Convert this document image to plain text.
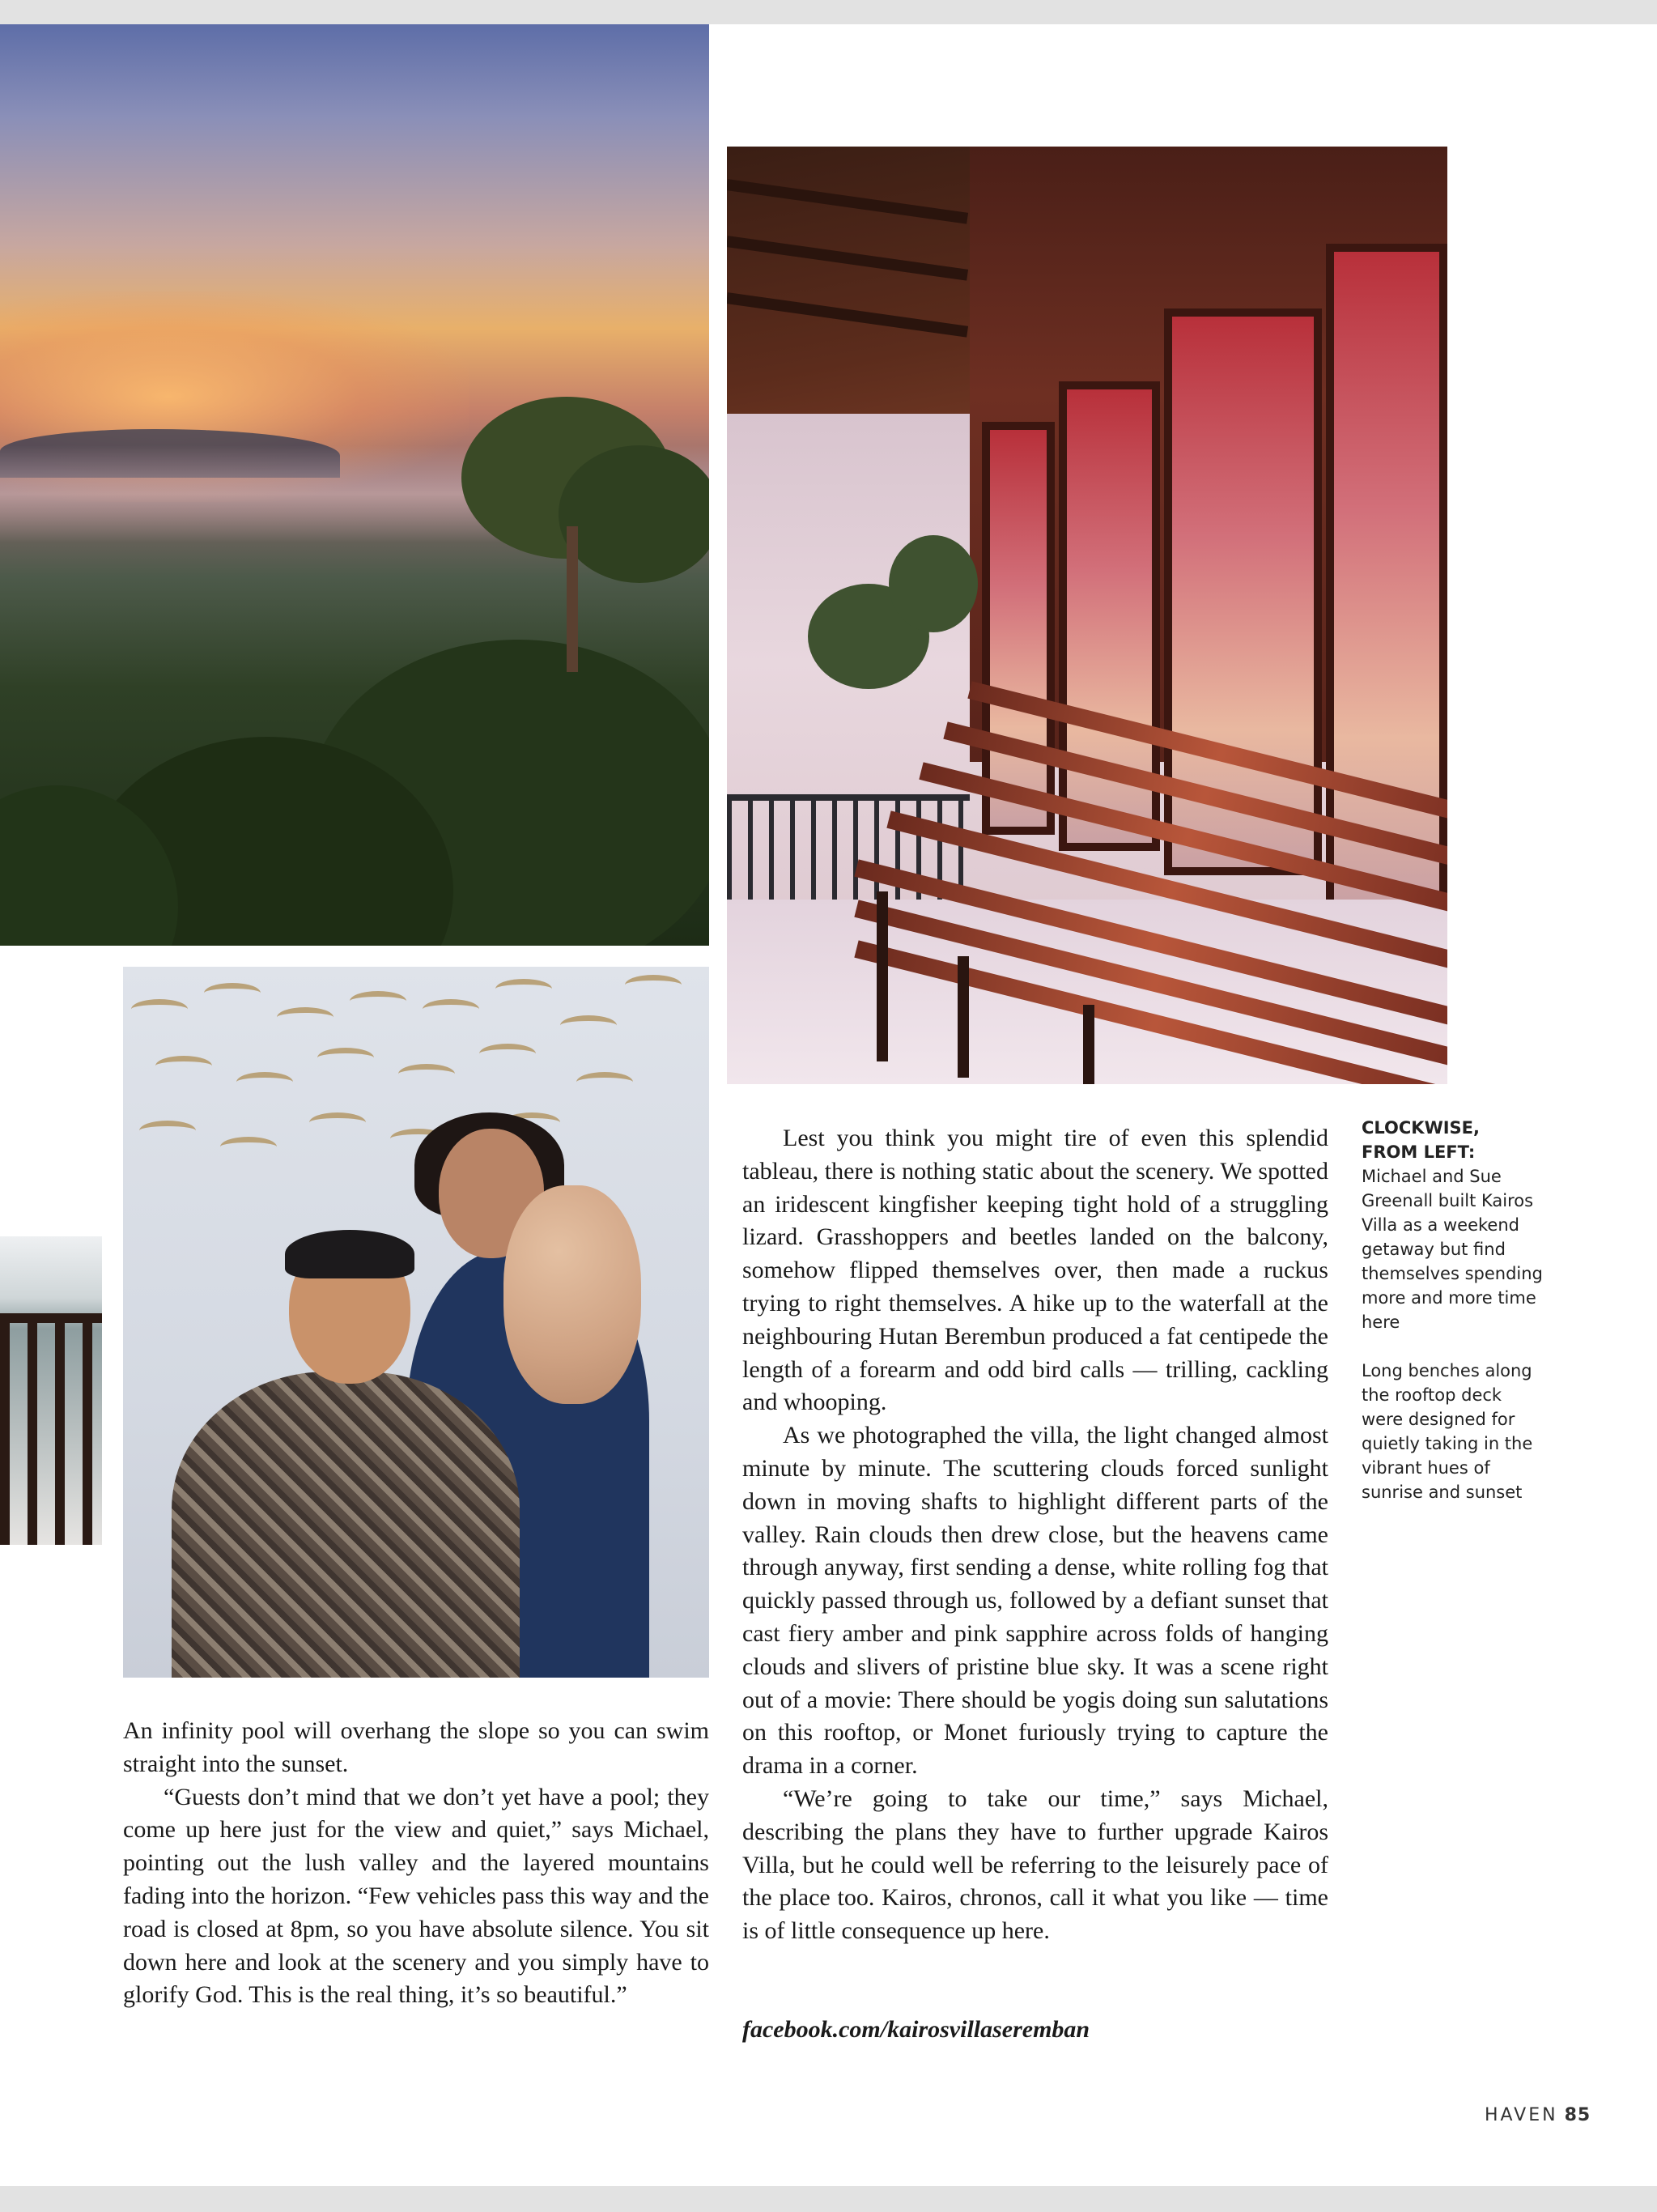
CLOCKWISE,
FROM LEFT:

Michael and Sue Greenall built Kairos Villa as a weekend getaway but find themselves spending more and more time here

Long benches along the rooftop deck were designed for quietly taking in the vibrant hues of sunrise and sunset

An infinity pool will overhang the slope so you can swim straight into the sunset.

“Guests don’t mind that we don’t yet have a pool; they come up here just for the view and quiet,” says Michael, pointing out the lush valley and the layered mountains fading into the horizon. “Few vehicles pass this way and the road is closed at 8pm, so you have absolute silence. You sit down here and look at the scenery and you simply have to glorify God. This is the real thing, it’s so beautiful.”

Lest you think you might tire of even this splendid tableau, there is nothing static about the scenery. We spotted an iridescent kingfisher keeping tight hold of a struggling lizard. Grasshoppers and beetles landed on the balcony, somehow flipped themselves over, then made a ruckus trying to right themselves. A hike up to the waterfall at the neighbouring Hutan Berembun produced a fat centipede the length of a forearm and odd bird calls — trilling, cackling and whooping.

As we photographed the villa, the light changed almost minute by minute. The scuttering clouds forced sunlight down in moving shafts to highlight different parts of the valley. Rain clouds then drew close, but the heavens came through anyway, first sending a dense, white rolling fog that quickly passed through us, followed by a defiant sunset that cast fiery amber and pink sapphire across folds of hanging clouds and slivers of pristine blue sky. It was a scene right out of a movie: There should be yogis doing sun salutations on this rooftop, or Monet furiously trying to capture the drama in a corner.

“We’re going to take our time,” says Michael, describing the plans they have to further upgrade Kairos Villa, but he could well be referring to the leisurely pace of the place too. Kairos, chronos, call it what you like — time is of little consequence up here.

facebook.com/kairosvillaseremban
HAVEN 85
